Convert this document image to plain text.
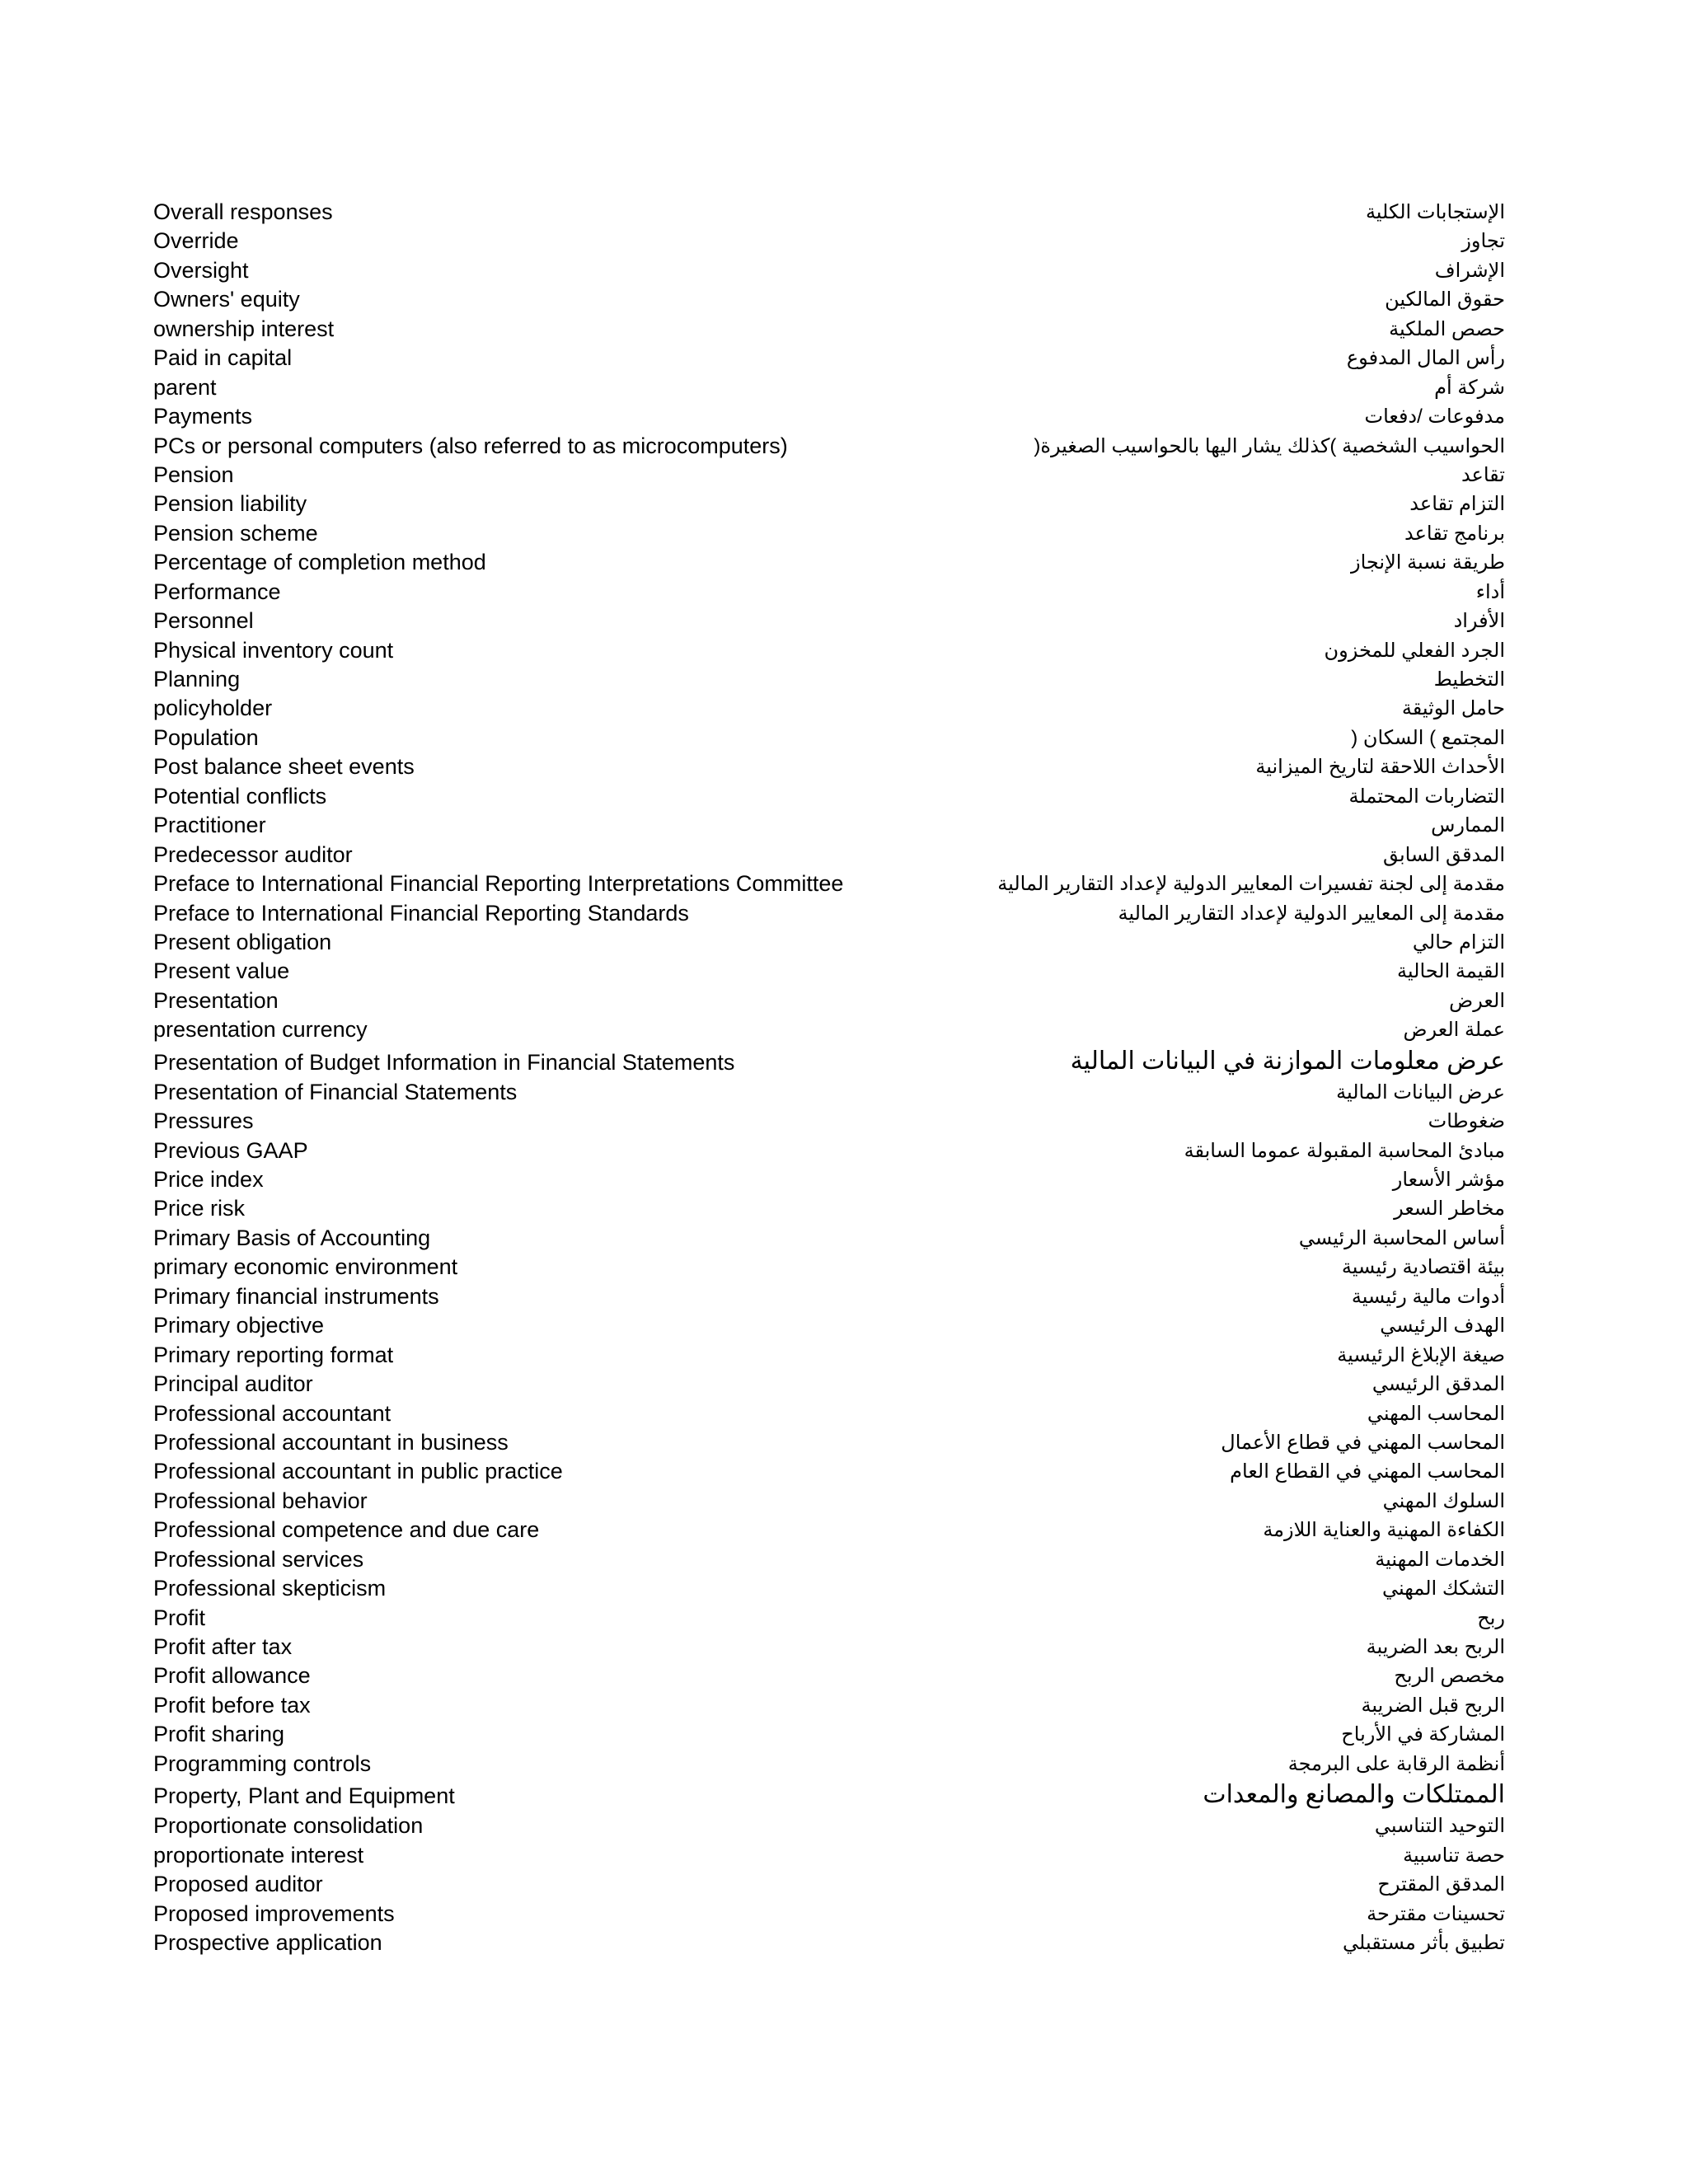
Overall responses	الإستجابات الكلية
Override	تجاوز
Oversight	الإشراف
Owners' equity	حقوق المالكين
ownership interest	حصص الملكية
Paid in capital	رأس المال المدفوع
parent	شركة أم
Payments	مدفوعات /دفعات
PCs or personal computers (also referred to as microcomputers)	الحواسيب الشخصية )كذلك يشار اليها بالحواسيب الصغيرة(
Pension	تقاعد
Pension liability	التزام تقاعد
Pension scheme	برنامج تقاعد
Percentage of completion method	طريقة نسبة الإنجاز
Performance	أداء
Personnel	الأفراد
Physical inventory count	الجرد الفعلي للمخزون
Planning	التخطيط
policyholder	حامل الوثيقة
Population	المجتمع ) السكان (
Post balance sheet events	الأحداث اللاحقة لتاريخ الميزانية
Potential conflicts	التضاربات المحتملة
Practitioner	الممارس
Predecessor auditor	المدقق السابق
Preface to International Financial Reporting Interpretations Committee	مقدمة إلى لجنة تفسيرات المعايير الدولية لإعداد التقارير المالية
Preface to International Financial Reporting Standards	مقدمة إلى المعايير الدولية لإعداد التقارير المالية
Present obligation	التزام حالي
Present value	القيمة الحالية
Presentation	العرض
presentation currency	عملة العرض
Presentation of Budget Information in Financial Statements	عرض معلومات الموازنة في البيانات المالية
Presentation of Financial Statements	عرض البيانات المالية
Pressures	ضغوطات
Previous GAAP	مبادئ المحاسبة المقبولة عموما السابقة
Price index	مؤشر الأسعار
Price risk	مخاطر السعر
Primary Basis of Accounting	أساس المحاسبة الرئيسي
primary economic environment	بيئة اقتصادية رئيسية
Primary financial instruments	أدوات مالية رئيسية
Primary objective	الهدف الرئيسي
Primary reporting format	صيغة الإبلاغ الرئيسية
Principal auditor	المدقق الرئيسي
Professional accountant	المحاسب المهني
Professional accountant in business	المحاسب المهني في قطاع الأعمال
Professional accountant in public practice	المحاسب المهني في القطاع العام
Professional behavior	السلوك المهني
Professional competence and due care	الكفاءة المهنية والعناية اللازمة
Professional services	الخدمات المهنية
Professional skepticism	التشكك المهني
Profit	ربح
Profit after tax	الربح بعد الضريبة
Profit allowance	مخصص الربح
Profit before tax	الربح قبل الضريبة
Profit sharing	المشاركة في الأرباح
Programming controls	أنظمة الرقابة على البرمجة
Property, Plant and Equipment	الممتلكات والمصانع والمعدات
Proportionate consolidation	التوحيد التناسبي
proportionate interest	حصة تناسبية
Proposed auditor	المدقق المقترح
Proposed improvements	تحسينات مقترحة
Prospective application	تطبيق بأثر مستقبلي
